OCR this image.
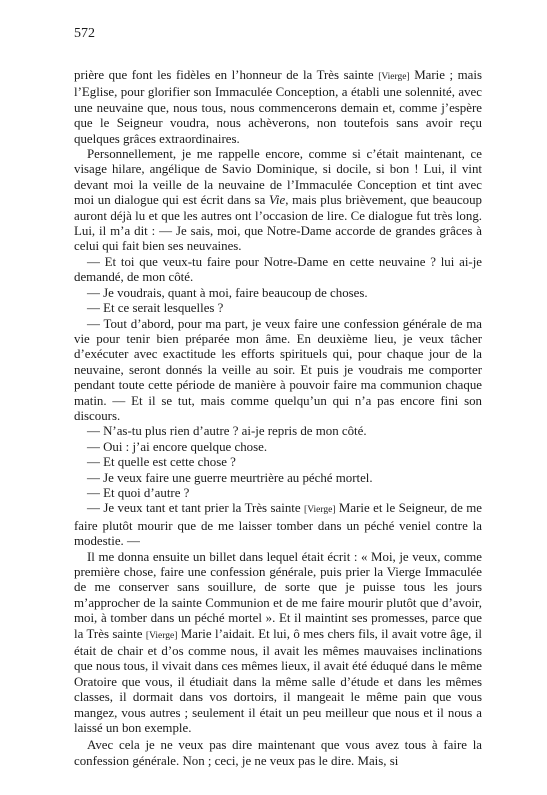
572

prière que font les fidèles en l’honneur de la Très sainte [Vierge] Marie ; mais l’Eglise, pour glorifier son Immaculée Conception, a établi une solennité, avec une neuvaine que, nous tous, nous commencerons demain et, comme j’espère que le Seigneur voudra, nous achèverons, non toutefois sans avoir reçu quelques grâces extraordinaires.

Personnellement, je me rappelle encore, comme si c’était maintenant, ce visage hilare, angélique de Savio Dominique, si docile, si bon ! Lui, il vint devant moi la veille de la neuvaine de l’Immaculée Conception et tint avec moi un dialogue qui est écrit dans sa Vie, mais plus brièvement, que beaucoup auront déjà lu et que les autres ont l’occasion de lire. Ce dialogue fut très long. Lui, il m’a dit : — Je sais, moi, que Notre-Dame accorde de grandes grâces à celui qui fait bien ses neuvaines.

— Et toi que veux-tu faire pour Notre-Dame en cette neuvaine ? lui ai-je demandé, de mon côté.

— Je voudrais, quant à moi, faire beaucoup de choses.

— Et ce serait lesquelles ?

— Tout d’abord, pour ma part, je veux faire une confession générale de ma vie pour tenir bien préparée mon âme. En deuxième lieu, je veux tâcher d’exécuter avec exactitude les efforts spirituels qui, pour chaque jour de la neuvaine, seront donnés la veille au soir. Et puis je voudrais me comporter pendant toute cette période de manière à pouvoir faire ma communion chaque matin. — Et il se tut, mais comme quelqu’un qui n’a pas encore fini son discours.

— N’as-tu plus rien d’autre ? ai-je repris de mon côté.

— Oui : j’ai encore quelque chose.

— Et quelle est cette chose ?

— Je veux faire une guerre meurtrière au péché mortel.

— Et quoi d’autre ?

— Je veux tant et tant prier la Très sainte [Vierge] Marie et le Seigneur, de me faire plutôt mourir que de me laisser tomber dans un péché veniel contre la modestie. —

Il me donna ensuite un billet dans lequel était écrit : « Moi, je veux, comme première chose, faire une confession générale, puis prier la Vierge Immaculée de me conserver sans souillure, de sorte que je puisse tous les jours m’approcher de la sainte Communion et de me faire mourir plutôt que d’avoir, moi, à tomber dans un péché mortel ». Et il maintint ses promesses, parce que la Très sainte [Vierge] Marie l’aidait. Et lui, ô mes chers fils, il avait votre âge, il était de chair et d’os comme nous, il avait les mêmes mauvaises inclinations que nous tous, il vivait dans ces mêmes lieux, il avait été éduqué dans le même Oratoire que vous, il étudiait dans la même salle d’étude et dans les mêmes classes, il dormait dans vos dortoirs, il mangeait le même pain que vous mangez, vous autres ; seulement il était un peu meilleur que nous et il nous a laissé un bon exemple.

Avec cela je ne veux pas dire maintenant que vous avez tous à faire la confession générale. Non ; ceci, je ne veux pas le dire. Mais, si
